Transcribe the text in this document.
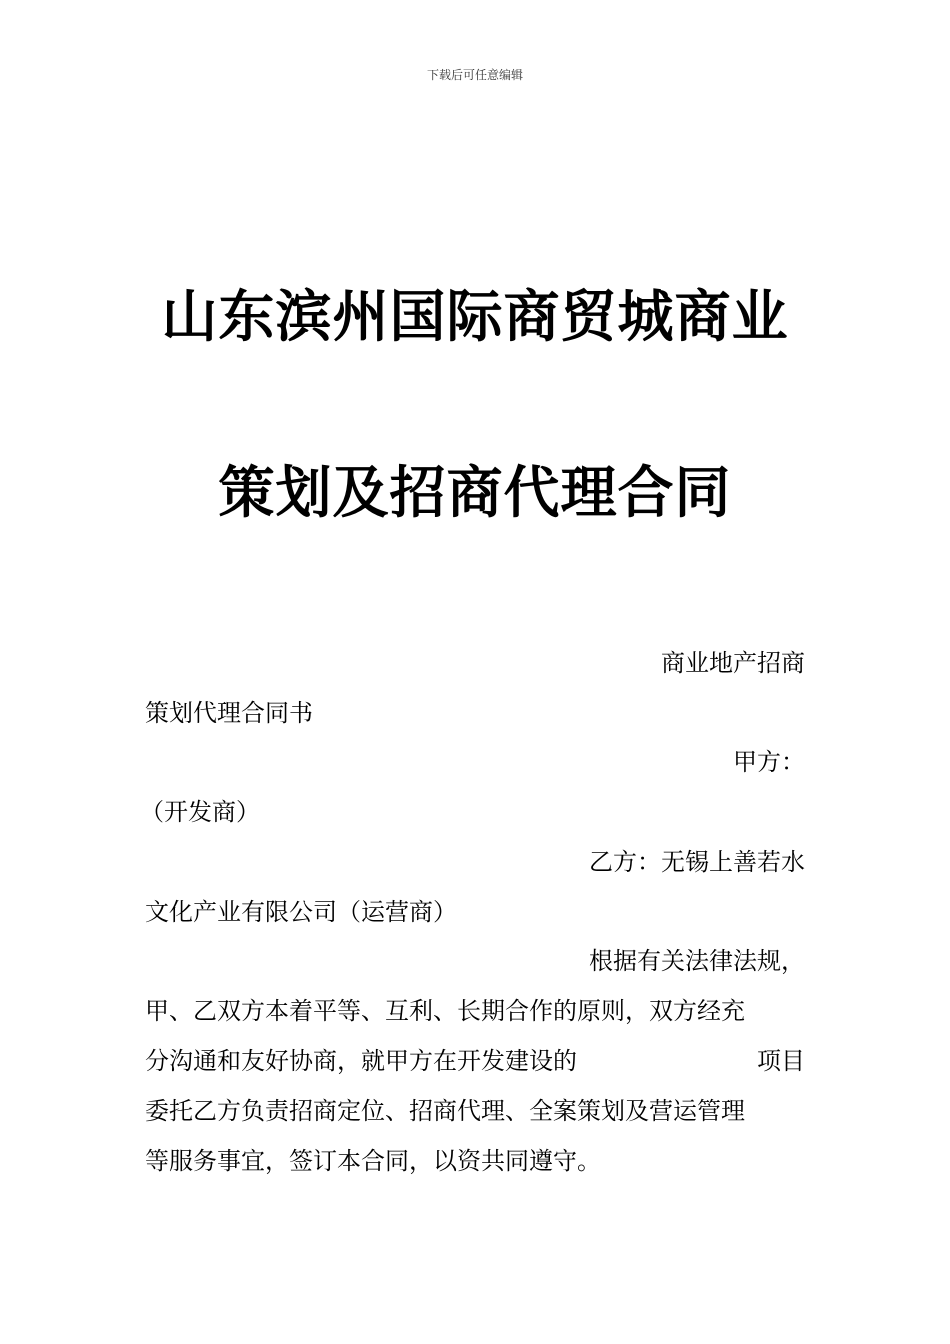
下载后可任意编辑
山东滨州国际商贸城商业
策划及招商代理合同
商业地产招商
策划代理合同书
甲方：
（开发商）
乙方：无锡上善若水
文化产业有限公司（运营商）
根据有关法律法规，
甲、乙双方本着平等、互利、长期合作的原则，双方经充
分沟通和友好协商，就甲方在开发建设的	项目
委托乙方负责招商定位、招商代理、全案策划及营运管理
等服务事宜，签订本合同，以资共同遵守。
